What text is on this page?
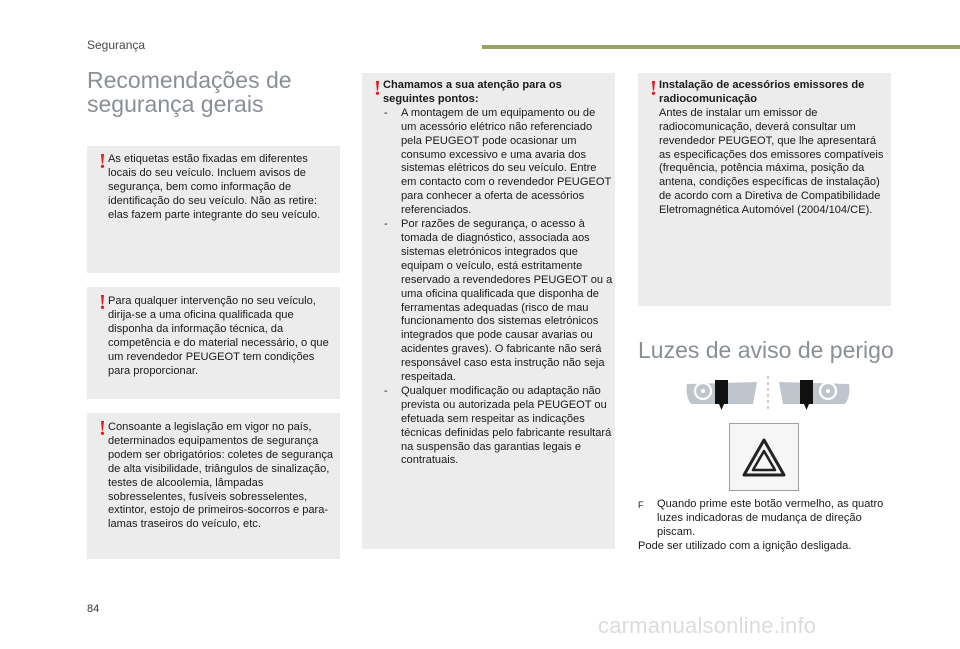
Segurança
Recomendações de
segurança gerais
! As etiquetas estão fixadas em diferentes locais do seu veículo. Incluem avisos de segurança, bem como informação de identificação do seu veículo. Não as retire: elas fazem parte integrante do seu veículo.
! Para qualquer intervenção no seu veículo, dirija-se a uma oficina qualificada que disponha da informação técnica, da competência e do material necessário, o que um revendedor PEUGEOT tem condições para proporcionar.
! Consoante a legislação em vigor no país, determinados equipamentos de segurança podem ser obrigatórios: coletes de segurança de alta visibilidade, triângulos de sinalização, testes de alcoolemia, lâmpadas sobresselentes, fusíveis sobresselentes, extintor, estojo de primeiros-socorros e para-lamas traseiros do veículo, etc.
! Chamamos a sua atenção para os seguintes pontos:
- A montagem de um equipamento ou de um acessório elétrico não referenciado pela PEUGEOT pode ocasionar um consumo excessivo e uma avaria dos sistemas elétricos do seu veículo. Entre em contacto com o revendedor PEUGEOT para conhecer a oferta de acessórios referenciados.
- Por razões de segurança, o acesso à tomada de diagnóstico, associada aos sistemas eletrónicos integrados que equipam o veículo, está estritamente reservado a revendedores PEUGEOT ou a uma oficina qualificada que disponha de ferramentas adequadas (risco de mau funcionamento dos sistemas eletrónicos integrados que pode causar avarias ou acidentes graves). O fabricante não será responsável caso esta instrução não seja respeitada.
- Qualquer modificação ou adaptação não prevista ou autorizada pela PEUGEOT ou efetuada sem respeitar as indicações técnicas definidas pelo fabricante resultará na suspensão das garantias legais e contratuais.
! Instalação de acessórios emissores de radiocomunicação
Antes de instalar um emissor de radiocomunicação, deverá consultar um revendedor PEUGEOT, que lhe apresentará as especificações dos emissores compatíveis (frequência, potência máxima, posição da antena, condições específicas de instalação) de acordo com a Diretiva de Compatibilidade Eletromagnética Automóvel (2004/104/CE).
Luzes de aviso de perigo
F	Quando prime este botão vermelho, as quatro luzes indicadoras de mudança de direção piscam.
Pode ser utilizado com a ignição desligada.
84
carmanualsonline.info
